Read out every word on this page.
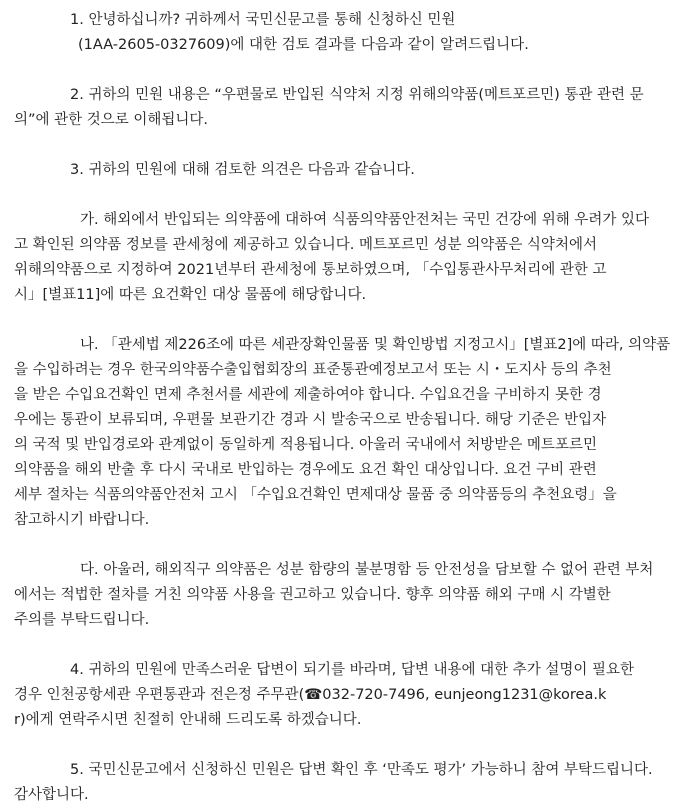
1. 안녕하십니까? 귀하께서 국민신문고를 통해 신청하신 민원
(1AA-2605-0327609)에 대한 검토 결과를 다음과 같이 알려드립니다.
2. 귀하의 민원 내용은 “우편물로 반입된 식약처 지정 위해의약품(메트포르민) 통관 관련 문
의”에 관한 것으로 이해됩니다.
3. 귀하의 민원에 대해 검토한 의견은 다음과 같습니다.
가. 해외에서 반입되는 의약품에 대하여 식품의약품안전처는 국민 건강에 위해 우려가 있다
고 확인된 의약품 정보를 관세청에 제공하고 있습니다. 메트포르민 성분 의약품은 식약처에서
위해의약품으로 지정하여 2021년부터 관세청에 통보하였으며, 「수입통관사무처리에 관한 고
시」[별표11]에 따른 요건확인 대상 물품에 해당합니다.
나. 「관세법 제226조에 따른 세관장확인물품 및 확인방법 지정고시」[별표2]에 따라, 의약품
을 수입하려는 경우 한국의약품수출입협회장의 표준통관예정보고서 또는 시・도지사 등의 추천
을 받은 수입요건확인 면제 추천서를 세관에 제출하여야 합니다. 수입요건을 구비하지 못한 경
우에는 통관이 보류되며, 우편물 보관기간 경과 시 발송국으로 반송됩니다. 해당 기준은 반입자
의 국적 및 반입경로와 관계없이 동일하게 적용됩니다. 아울러 국내에서 처방받은 메트포르민
의약품을 해외 반출 후 다시 국내로 반입하는 경우에도 요건 확인 대상입니다. 요건 구비 관련
세부 절차는 식품의약품안전처 고시 「수입요건확인 면제대상 물품 중 의약품등의 추천요령」을
참고하시기 바랍니다.
다. 아울러, 해외직구 의약품은 성분 함량의 불분명함 등 안전성을 담보할 수 없어 관련 부처
에서는 적법한 절차를 거친 의약품 사용을 권고하고 있습니다. 향후 의약품 해외 구매 시 각별한
주의를 부탁드립니다.
4. 귀하의 민원에 만족스러운 답변이 되기를 바라며, 답변 내용에 대한 추가 설명이 필요한
경우 인천공항세관 우편통관과 전은정 주무관(☎032-720-7496, eunjeong1231@korea.k
r)에게 연락주시면 친절히 안내해 드리도록 하겠습니다.
5. 국민신문고에서 신청하신 민원은 답변 확인 후 ‘만족도 평가’ 가능하니 참여 부탁드립니다.
감사합니다.
